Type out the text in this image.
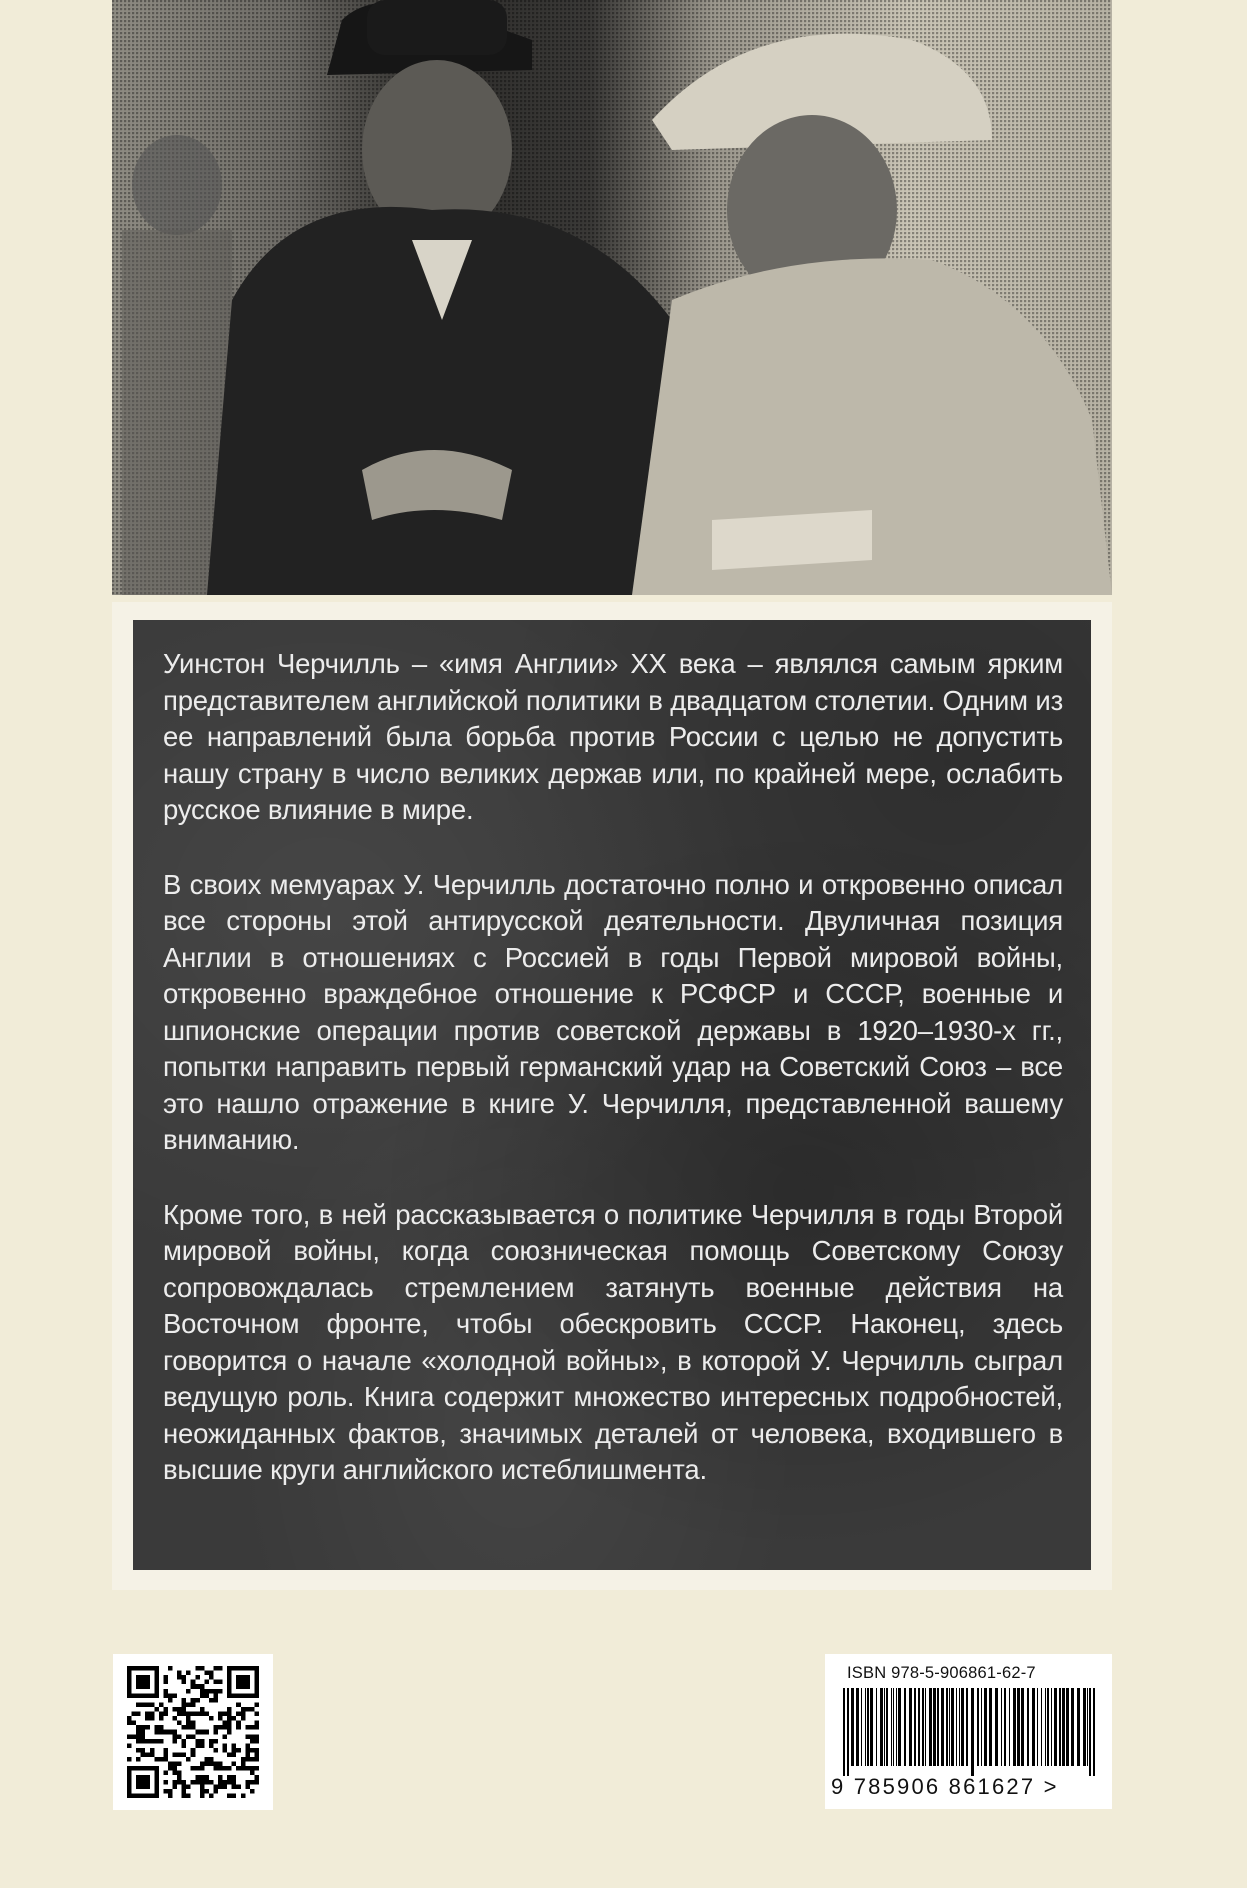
Уинстон Черчилль – «имя Англии» XX века – являлся самым ярким представителем английской политики в двадцатом столетии. Одним из ее направлений была борьба против России с целью не допустить нашу страну в число великих держав или, по крайней мере, ослабить русское влияние в мире.

В своих мемуарах У. Черчилль достаточно полно и откровенно описал все стороны этой антирусской деятельности. Двуличная позиция Англии в отношениях с Россией в годы Первой мировой войны, откровенно враждебное отношение к РСФСР и СССР, военные и шпионские операции против советской державы в 1920–1930-х гг., попытки направить первый германский удар на Советский Союз – все это нашло отражение в книге У. Черчилля, представленной вашему вниманию.

Кроме того, в ней рассказывается о политике Черчилля в годы Второй мировой войны, когда союзническая помощь Советскому Союзу сопровождалась стремлением затянуть военные действия на Восточном фронте, чтобы обескровить СССР. Наконец, здесь говорится о начале «холодной войны», в которой У. Черчилль сыграл ведущую роль. Книга содержит множество интересных подробностей, неожиданных фактов, значимых деталей от человека, входившего в высшие круги английского истеблишмента.

ISBN 978-5-906861-62-7
9 785906 861627 >
